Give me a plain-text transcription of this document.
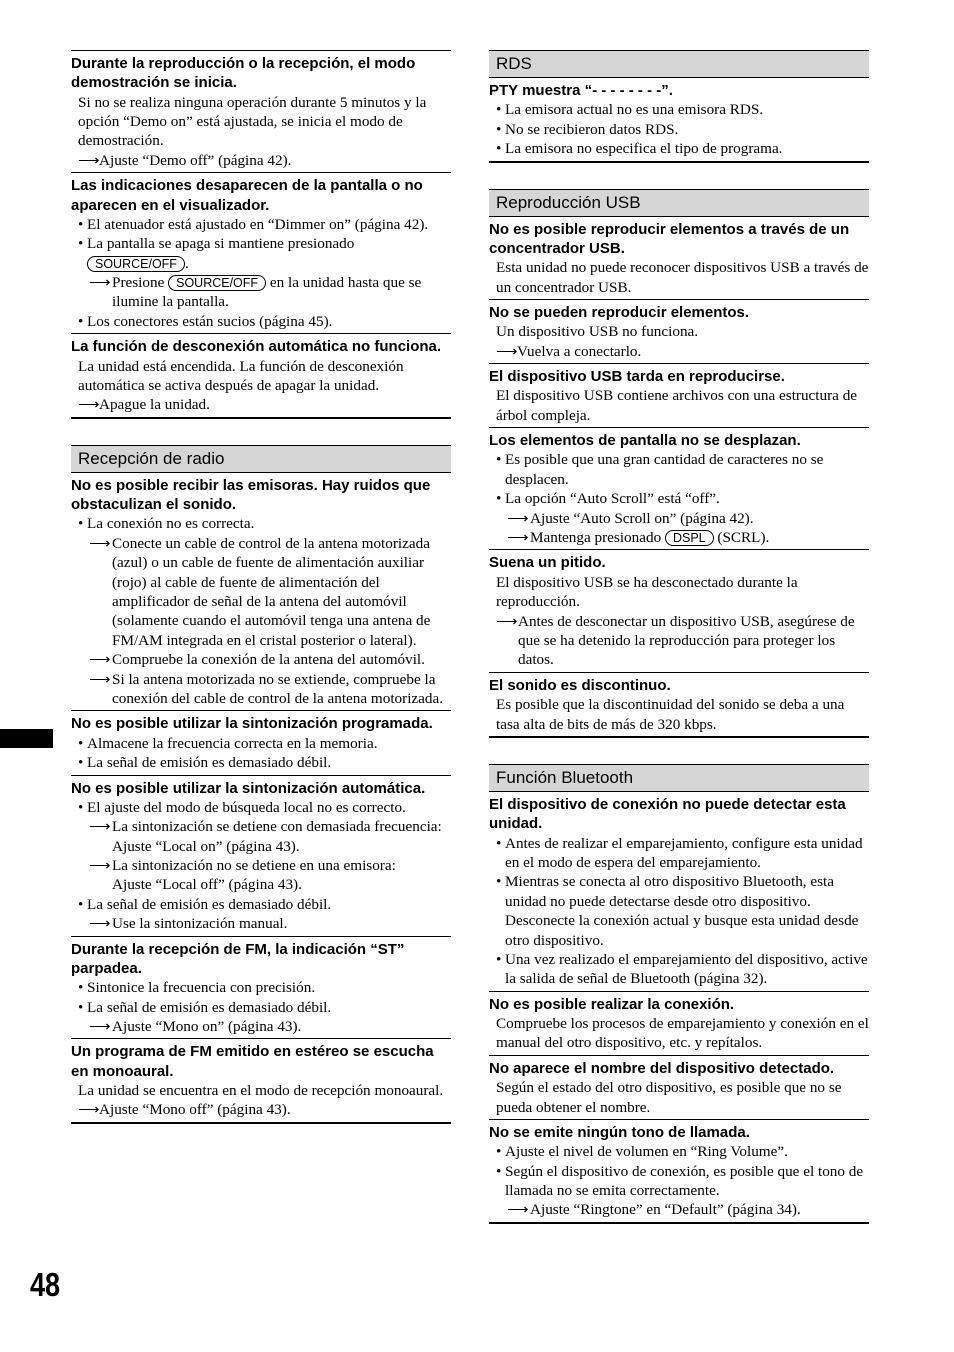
Durante la reproducción o la recepción, el modo demostración se inicia.
Si no se realiza ninguna operación durante 5 minutos y la opción “Demo on” está ajustada, se inicia el modo de demostración.
⟶Ajuste “Demo off” (página 42).
Las indicaciones desaparecen de la pantalla o no aparecen en el visualizador.
• El atenuador está ajustado en “Dimmer on” (página 42).
• La pantalla se apaga si mantiene presionado
SOURCE/OFF .
⟶Presione SOURCE/OFF en la unidad hasta que se ilumine la pantalla.
• Los conectores están sucios (página 45).
La función de desconexión automática no funciona.
La unidad está encendida. La función de desconexión automática se activa después de apagar la unidad.
⟶Apague la unidad.
Recepción de radio
No es posible recibir las emisoras. Hay ruidos que obstaculizan el sonido.
• La conexión no es correcta.
⟶Conecte un cable de control de la antena motorizada (azul) o un cable de fuente de alimentación auxiliar (rojo) al cable de fuente de alimentación del amplificador de señal de la antena del automóvil (solamente cuando el automóvil tenga una antena de FM/AM integrada en el cristal posterior o lateral).
⟶Compruebe la conexión de la antena del automóvil.
⟶Si la antena motorizada no se extiende, compruebe la conexión del cable de control de la antena motorizada.
No es posible utilizar la sintonización programada.
• Almacene la frecuencia correcta en la memoria.
• La señal de emisión es demasiado débil.
No es posible utilizar la sintonización automática.
• El ajuste del modo de búsqueda local no es correcto.
⟶La sintonización se detiene con demasiada frecuencia:
Ajuste “Local on” (página 43).
⟶La sintonización no se detiene en una emisora:
Ajuste “Local off” (página 43).
• La señal de emisión es demasiado débil.
⟶Use la sintonización manual.
Durante la recepción de FM, la indicación “ST” parpadea.
• Sintonice la frecuencia con precisión.
• La señal de emisión es demasiado débil.
⟶Ajuste “Mono on” (página 43).
Un programa de FM emitido en estéreo se escucha en monoaural.
La unidad se encuentra en el modo de recepción monoaural.
⟶Ajuste “Mono off” (página 43).
RDS
PTY muestra “- - - - - - - -”.
• La emisora actual no es una emisora RDS.
• No se recibieron datos RDS.
• La emisora no especifica el tipo de programa.
Reproducción USB
No es posible reproducir elementos a través de un concentrador USB.
Esta unidad no puede reconocer dispositivos USB a través de un concentrador USB.
No se pueden reproducir elementos.
Un dispositivo USB no funciona.
⟶Vuelva a conectarlo.
El dispositivo USB tarda en reproducirse.
El dispositivo USB contiene archivos con una estructura de árbol compleja.
Los elementos de pantalla no se desplazan.
• Es posible que una gran cantidad de caracteres no se desplacen.
• La opción “Auto Scroll” está “off”.
⟶Ajuste “Auto Scroll on” (página 42).
⟶Mantenga presionado DSPL (SCRL).
Suena un pitido.
El dispositivo USB se ha desconectado durante la reproducción.
⟶Antes de desconectar un dispositivo USB, asegúrese de que se ha detenido la reproducción para proteger los datos.
El sonido es discontinuo.
Es posible que la discontinuidad del sonido se deba a una tasa alta de bits de más de 320 kbps.
Función Bluetooth
El dispositivo de conexión no puede detectar esta unidad.
• Antes de realizar el emparejamiento, configure esta unidad en el modo de espera del emparejamiento.
• Mientras se conecta al otro dispositivo Bluetooth, esta unidad no puede detectarse desde otro dispositivo. Desconecte la conexión actual y busque esta unidad desde otro dispositivo.
• Una vez realizado el emparejamiento del dispositivo, active la salida de señal de Bluetooth (página 32).
No es posible realizar la conexión.
Compruebe los procesos de emparejamiento y conexión en el manual del otro dispositivo, etc. y repítalos.
No aparece el nombre del dispositivo detectado.
Según el estado del otro dispositivo, es posible que no se pueda obtener el nombre.
No se emite ningún tono de llamada.
• Ajuste el nivel de volumen en “Ring Volume”.
• Según el dispositivo de conexión, es posible que el tono de llamada no se emita correctamente.
⟶Ajuste “Ringtone” en “Default” (página 34).
48
